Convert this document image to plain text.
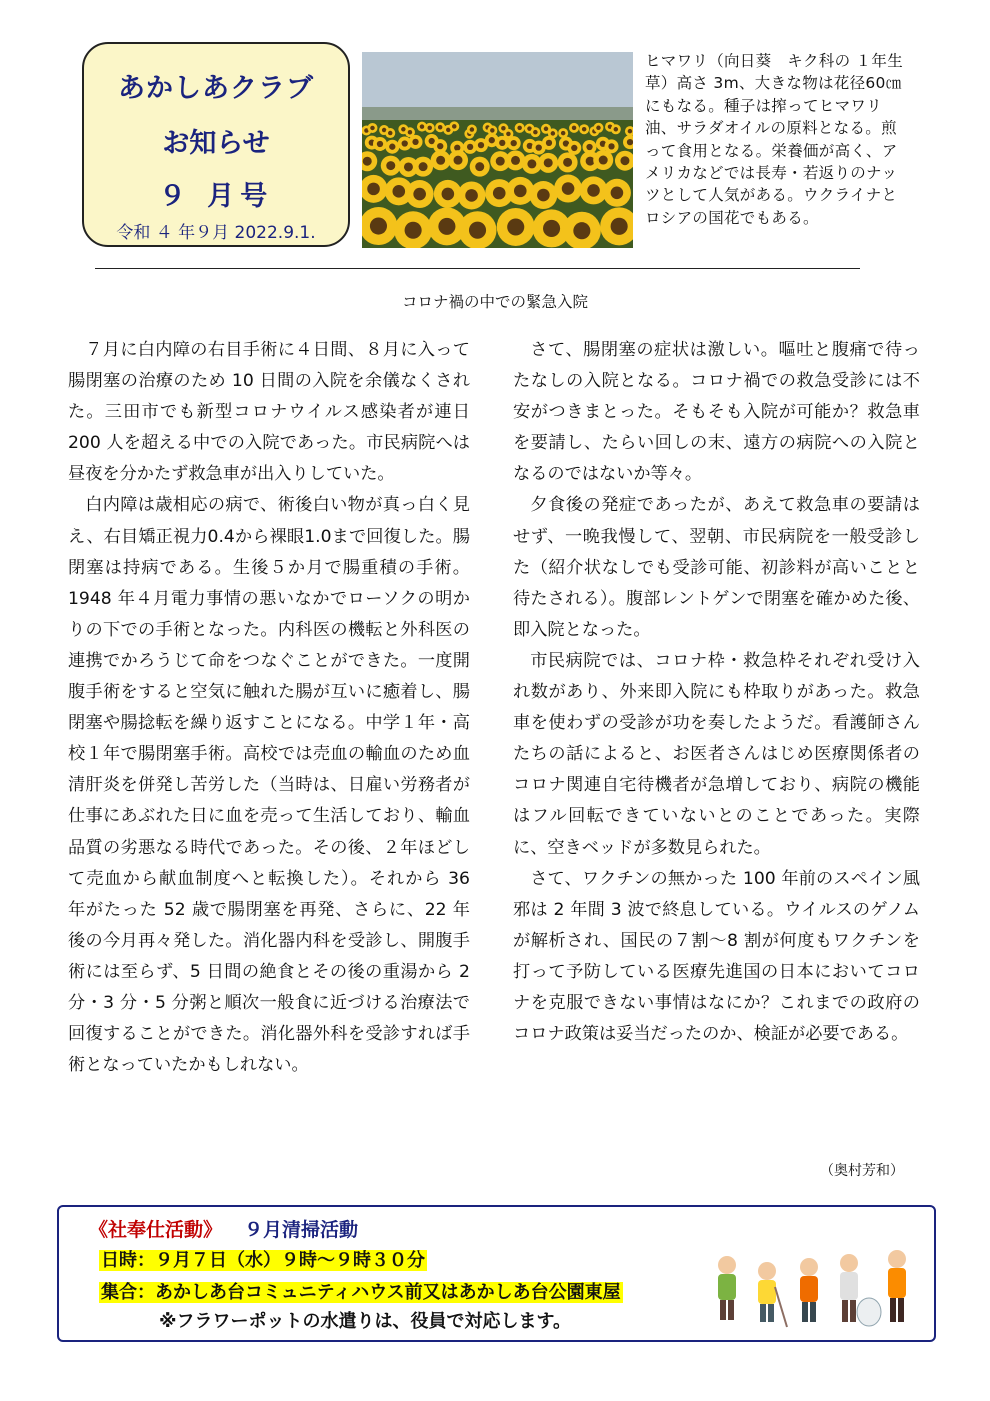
あかしあクラブ
お知らせ
９ 月号
令和 ４ 年９月 2022.9.1.
ヒマワリ（向日葵　キク科の １年生草）高さ 3m、大きな物は花径60㎝にもなる。種子は搾ってヒマワリ油、サラダオイルの原料となる。煎って食用となる。栄養価が高く、アメリカなどでは長寿・若返りのナッツとして人気がある。ウクライナとロシアの国花でもある。
コロナ禍の中での緊急入院

７月に白内障の右目手術に４日間、８月に入って腸閉塞の治療のため 10 日間の入院を余儀なくされた。三田市でも新型コロナウイルス感染者が連日 200 人を超える中での入院であった。市民病院へは昼夜を分かたず救急車が出入りしていた。

白内障は歳相応の病で、術後白い物が真っ白く見え、右目矯正視力0.4から裸眼1.0まで回復した。腸閉塞は持病である。生後５か月で腸重積の手術。1948 年４月電力事情の悪いなかでローソクの明かりの下での手術となった。内科医の機転と外科医の連携でかろうじて命をつなぐことができた。一度開腹手術をすると空気に触れた腸が互いに癒着し、腸閉塞や腸捻転を繰り返すことになる。中学１年・高校１年で腸閉塞手術。高校では売血の輸血のため血清肝炎を併発し苦労した（当時は、日雇い労務者が仕事にあぶれた日に血を売って生活しており、輸血品質の劣悪なる時代であった。その後、２年ほどして売血から献血制度へと転換した）。それから 36 年がたった 52 歳で腸閉塞を再発、さらに、22 年後の今月再々発した。消化器内科を受診し、開腹手術には至らず、5 日間の絶食とその後の重湯から 2 分・3 分・5 分粥と順次一般食に近づける治療法で回復することができた。消化器外科を受診すれば手術となっていたかもしれない。

さて、腸閉塞の症状は激しい。嘔吐と腹痛で待ったなしの入院となる。コロナ禍での救急受診には不安がつきまとった。そもそも入院が可能か？救急車を要請し、たらい回しの末、遠方の病院への入院となるのではないか等々。

夕食後の発症であったが、あえて救急車の要請はせず、一晩我慢して、翌朝、市民病院を一般受診した（紹介状なしでも受診可能、初診料が高いことと待たされる）。腹部レントゲンで閉塞を確かめた後、即入院となった。

市民病院では、コロナ枠・救急枠それぞれ受け入れ数があり、外来即入院にも枠取りがあった。救急車を使わずの受診が功を奏したようだ。看護師さんたちの話によると、お医者さんはじめ医療関係者のコロナ関連自宅待機者が急増しており、病院の機能はフル回転できていないとのことであった。実際に、空きベッドが多数見られた。

さて、ワクチンの無かった 100 年前のスペイン風邪は 2 年間 3 波で終息している。ウイルスのゲノムが解析され、国民の７割～8 割が何度もワクチンを打って予防している医療先進国の日本においてコロナを克服できない事情はなにか？これまでの政府のコロナ政策は妥当だったのか、検証が必要である。

（奥村芳和）
《社奉仕活動》 ９月清掃活動
日時：９月７日（水）９時～９時３０分
集合：あかしあ台コミュニティハウス前又はあかしあ台公園東屋
※フラワーポットの水遣りは、役員で対応します。
